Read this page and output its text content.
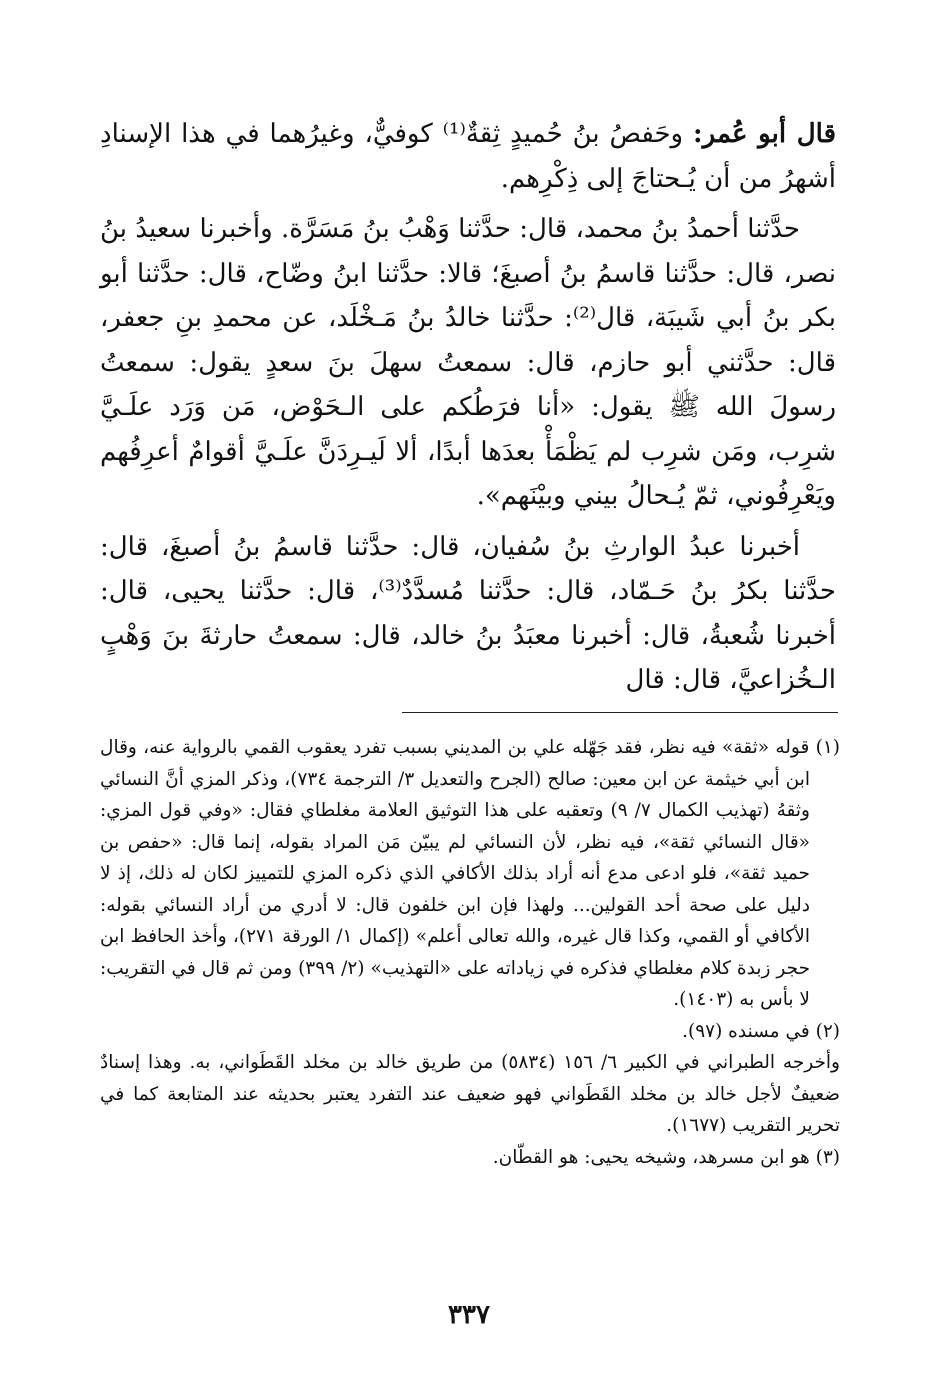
قال أبو عُمر: وحَفصُ بنُ حُميدٍ ثِقةٌ⁽¹⁾ كوفيٌّ، وغيرُهما في هذا الإسنادِ أشهرُ من أن يُـحتاجَ إلى ذِكْرِهم.

حدَّثنا أحمدُ بنُ محمد، قال: حدَّثنا وَهْبُ بنُ مَسَرَّة. وأخبرنا سعيدُ بنُ نصر، قال: حدَّثنا قاسمُ بنُ أصبغَ؛ قالا: حدَّثنا ابنُ وضّاح، قال: حدَّثنا أبو بكر بنُ أبي شَيبَة، قال⁽²⁾: حدَّثنا خالدُ بنُ مَـخْلَد، عن محمدِ بنِ جعفر، قال: حدَّثني أبو حازم، قال: سمعتُ سهلَ بنَ سعدٍ يقول: سمعتُ رسولَ الله ﷺ يقول: «أنا فرَطُكم على الـحَوْض، مَن وَرَد علَـيَّ شرِب، ومَن شرِب لم يَظْمَأْ بعدَها أبدًا، ألا لَيـرِدَنَّ علَـيَّ أقوامٌ أعرِفُهم ويَعْرِفُوني، ثمّ يُـحالُ بيني وبيْنَهم».

أخبرنا عبدُ الوارثِ بنُ سُفيان، قال: حدَّثنا قاسمُ بنُ أصبغَ، قال: حدَّثنا بكرُ بنُ حَـمّاد، قال: حدَّثنا مُسدَّدٌ⁽³⁾، قال: حدَّثنا يحيى، قال: أخبرنا شُعبةُ، قال: أخبرنا معبَدُ بنُ خالد، قال: سمعتُ حارثةَ بنَ وَهْبٍ الـخُزاعيَّ، قال: قال

(١) قوله «ثقة» فيه نظر، فقد جَهّله علي بن المديني بسبب تفرد يعقوب القمي بالرواية عنه، وقال ابن أبي خيثمة عن ابن معين: صالح (الجرح والتعديل ٣/ الترجمة ٧٣٤)، وذكر المزي أنَّ النسائي وثقهُ (تهذيب الكمال ٧/ ٩) وتعقبه على هذا التوثيق العلامة مغلطاي فقال: «وفي قول المزي: «قال النسائي ثقة»، فيه نظر، لأن النسائي لم يبيّن مَن المراد بقوله، إنما قال: «حفص بن حميد ثقة»، فلو ادعى مدع أنه أراد بذلك الأكافي الذي ذكره المزي للتمييز لكان له ذلك، إذ لا دليل على صحة أحد القولين... ولهذا فإن ابن خلفون قال: لا أدري من أراد النسائي بقوله: الأكافي أو القمي، وكذا قال غيره، والله تعالى أعلم» (إكمال ١/ الورقة ٢٧١)، وأخذ الحافظ ابن حجر زبدة كلام مغلطاي فذكره في زياداته على «التهذيب» (٢/ ٣٩٩) ومن ثم قال في التقريب: لا بأس به (١٤٠٣).

(٢) في مسنده (٩٧).

وأخرجه الطبراني في الكبير ٦/ ١٥٦ (٥٨٣٤) من طريق خالد بن مخلد القَطَواني، به. وهذا إسنادٌ ضعيفٌ لأجل خالد بن مخلد القَطَواني فهو ضعيف عند التفرد يعتبر بحديثه عند المتابعة كما في تحرير التقريب (١٦٧٧).

(٣) هو ابن مسرهد، وشيخه يحيى: هو القطّان.

٣٣٧
